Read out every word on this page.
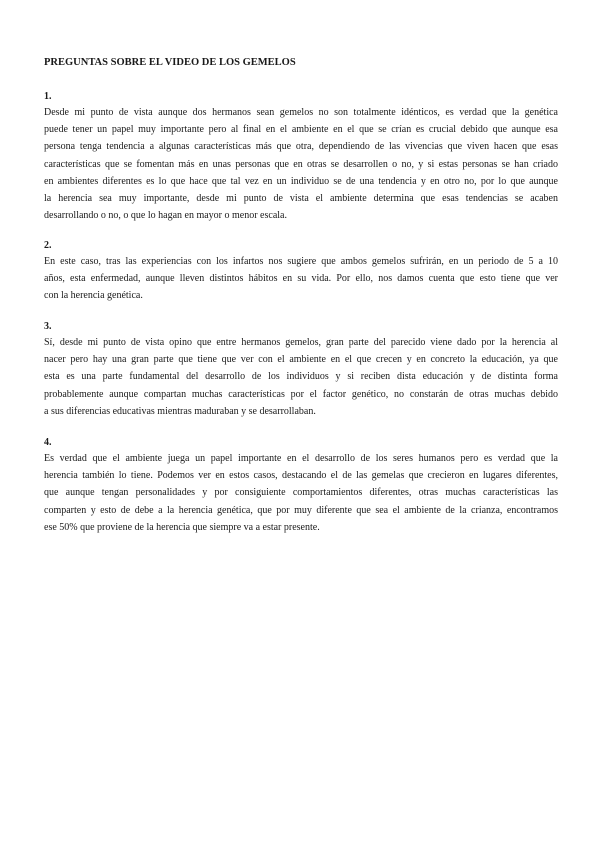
PREGUNTAS SOBRE EL VIDEO DE LOS GEMELOS
1.

Desde mi punto de vista aunque dos hermanos sean gemelos no son totalmente idénticos, es verdad que la genética
puede tener un papel muy importante pero al final en el ambiente en el que se crían es crucial debido que aunque esa
persona tenga tendencia a algunas características más que otra, dependiendo de las vivencias que viven hacen que esas
características que se fomentan más en unas personas que en otras se desarrollen o no, y si estas personas se han criado
en ambientes diferentes es lo que hace que tal vez en un individuo se de una tendencia y en otro no, por lo que aunque
la herencia sea muy importante, desde mi punto de vista el ambiente determina que esas tendencias se acaben
desarrollando o no, o que lo hagan en mayor o menor escala.

2.

En este caso, tras las experiencias con los infartos nos sugiere que ambos gemelos sufrirán, en un periodo de 5 a 10
años, esta enfermedad, aunque lleven distintos hábitos en su vida. Por ello, nos damos cuenta que esto tiene que ver
con la herencia genética.

3.

Sí, desde mi punto de vista opino que entre hermanos gemelos, gran parte del parecido viene dado por la herencia al
nacer pero hay una gran parte que tiene que ver con el ambiente en el que crecen y en concreto la educación, ya que
esta es una parte fundamental del desarrollo de los individuos y si reciben dista educación y de distinta forma
probablemente aunque compartan muchas características por el factor genético, no constarán de otras muchas debido
a sus diferencias educativas mientras maduraban y se desarrollaban.

4.

Es verdad que el ambiente juega un papel importante en el desarrollo de los seres humanos pero es verdad que la
herencia también lo tiene. Podemos ver en estos casos, destacando el de las gemelas que crecieron en lugares diferentes,
que aunque tengan personalidades y por consiguiente comportamientos diferentes, otras muchas características las
comparten y esto de debe a la herencia genética, que por muy diferente que sea el ambiente de la crianza, encontramos
ese 50% que proviene de la herencia que siempre va a estar presente.
